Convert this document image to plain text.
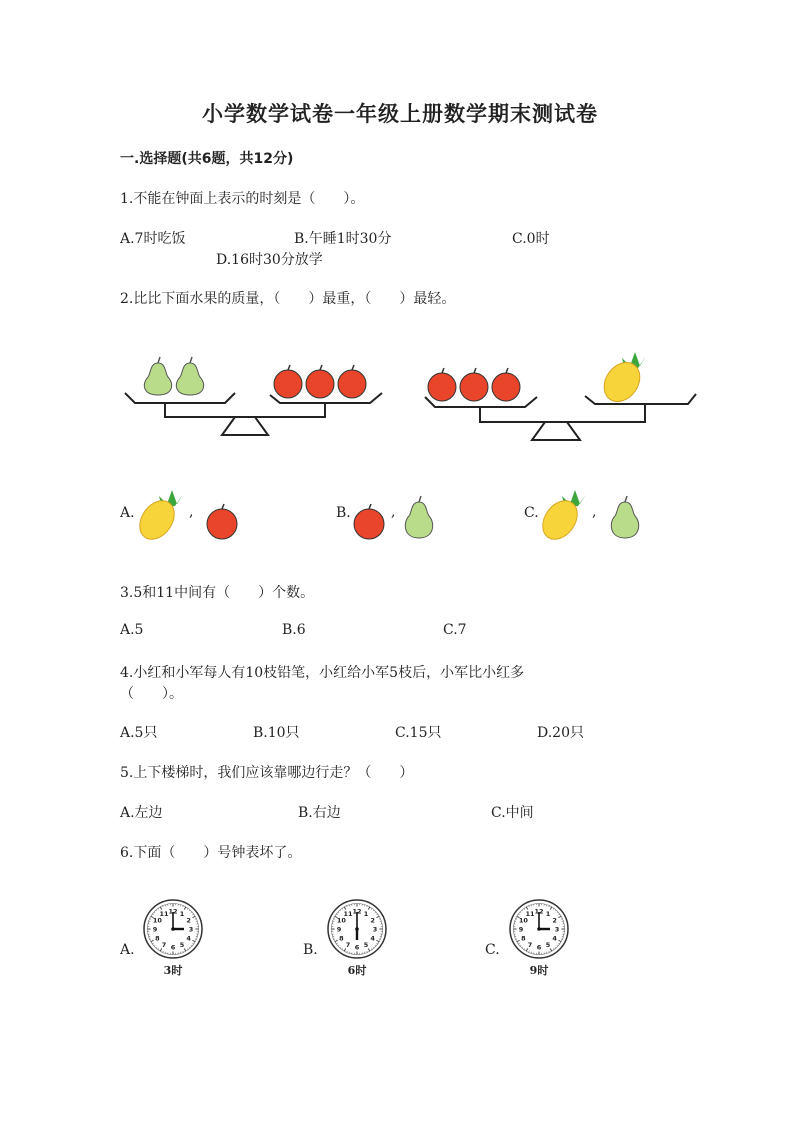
小学数学试卷一年级上册数学期末测试卷
一.选择题(共6题，共12分)
1.不能在钟面上表示的时刻是（　　）。
A.7时吃饭	B.午睡1时30分	C.0时
D.16时30分放学
2.比比下面水果的质量，（　　）最重，（　　）最轻。
A.	,	B.	,	C.	,
3.5和11中间有（　　）个数。
A.5	B.6	C.7
4.小红和小军每人有10枝铅笔，小红给小军5枝后，小军比小红多
（　　）。
A.5只	B.10只	C.15只	D.20只
5.上下楼梯时，我们应该靠哪边行走？（　　）
A.左边	B.右边	C.中间
6.下面（　　）号钟表坏了。
A.	B.	C.
1
2
3
4
5
6
7
8
9
10
11 12	1
2
3
4
5
6
7
8
9
10
11 12	1
2
3
4
5
6
7
8
9
10
11 12
3时	6时	9时
